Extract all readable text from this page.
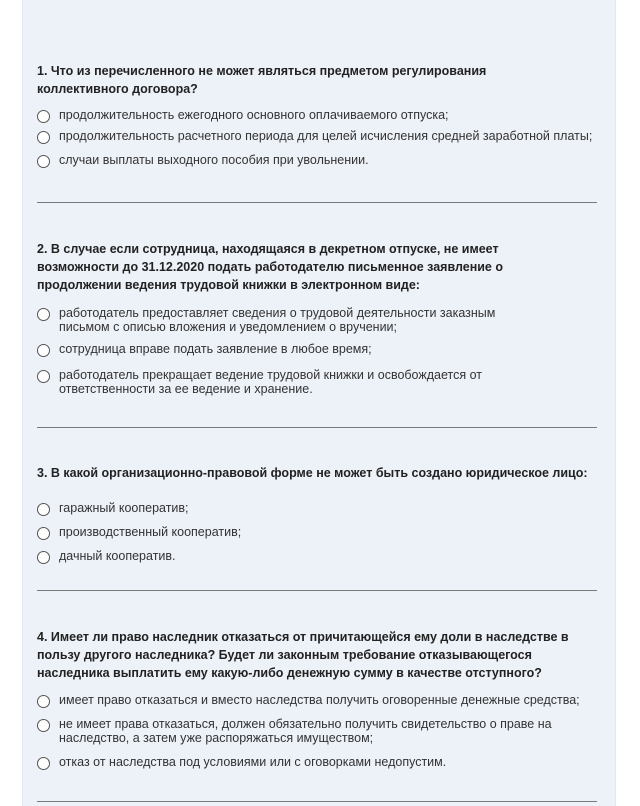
1. Что из перечисленного не может являться предметом регулирования коллективного договора?

продолжительность ежегодного основного оплачиваемого отпуска;
продолжительность расчетного периода для целей исчисления средней заработной платы;
случаи выплаты выходного пособия при увольнении.

2. В случае если сотрудница, находящаяся в декретном отпуске, не имеет возможности до 31.12.2020 подать работодателю письменное заявление о продолжении ведения трудовой книжки в электронном виде:

работодатель предоставляет сведения о трудовой деятельности заказным письмом с описью вложения и уведомлением о вручении;
сотрудница вправе подать заявление в любое время;
работодатель прекращает ведение трудовой книжки и освобождается от ответственности за ее ведение и хранение.

3. В какой организационно-правовой форме не может быть создано юридическое лицо:

гаражный кооператив;
производственный кооператив;
дачный кооператив.

4. Имеет ли право наследник отказаться от причитающейся ему доли в наследстве в пользу другого наследника? Будет ли законным требование отказывающегося наследника выплатить ему какую-либо денежную сумму в качестве отступного?

имеет право отказаться и вместо наследства получить оговоренные денежные средства;
не имеет права отказаться, должен обязательно получить свидетельство о праве на наследство, а затем уже распоряжаться имуществом;
отказ от наследства под условиями или с оговорками недопустим.
